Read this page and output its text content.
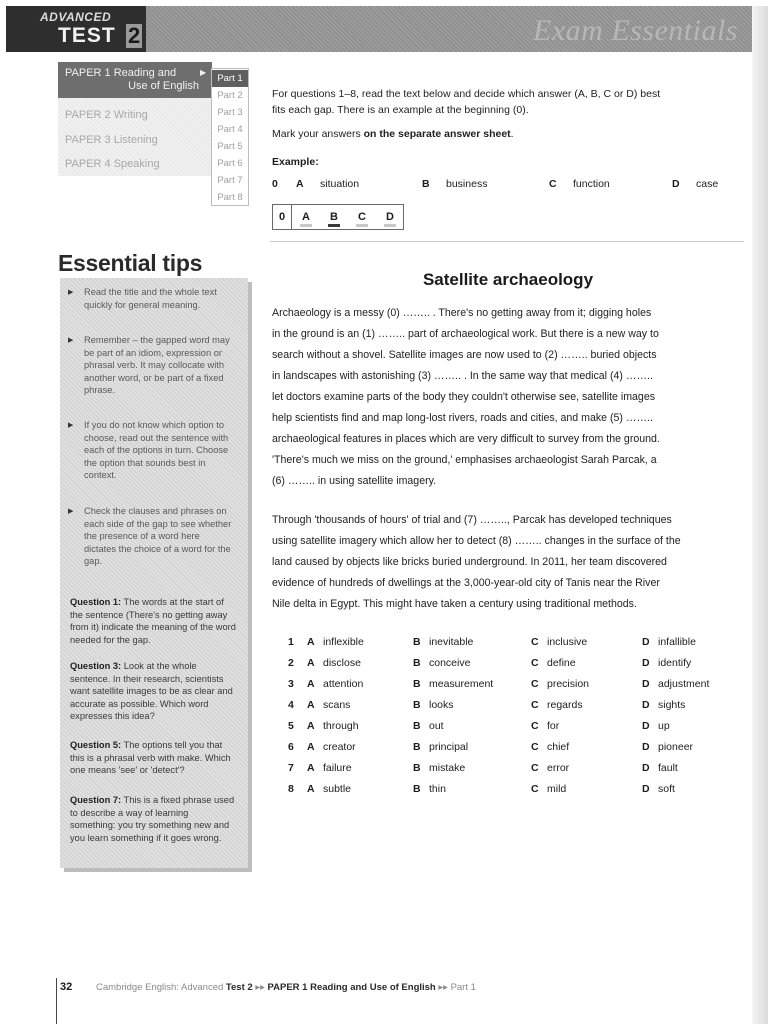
ADVANCED
TEST 2	Exam Essentials
PAPER 1 Reading and
Use of English
PAPER 2 Writing
PAPER 3 Listening
PAPER 4 Speaking
▶
Part 1
Part 2
Part 3
Part 4
Part 5
Part 6
Part 7
Part 8
For questions 1–8, read the text below and decide which answer (A, B, C or D) best
fits each gap. There is an example at the beginning (0).
Mark your answers on the separate answer sheet.
Example:
0 A situation	B business	C function	D case
0	A B C D
Essential tips
▶ Read the title and the whole text quickly for general meaning.
▶ Remember – the gapped word may be part of an idiom, expression or phrasal verb. It may collocate with another word, or be part of a fixed phrase.
▶ If you do not know which option to choose, read out the sentence with each of the options in turn. Choose the option that sounds best in context.
▶ Check the clauses and phrases on each side of the gap to see whether the presence of a word here dictates the choice of a word for the gap.
Question 1: The words at the start of the sentence (There's no getting away from it) indicate the meaning of the word needed for the gap.
Question 3: Look at the whole sentence. In their research, scientists want satellite images to be as clear and accurate as possible. Which word expresses this idea?
Question 5: The options tell you that this is a phrasal verb with make. Which one means 'see' or 'detect'?
Question 7: This is a fixed phrase used to describe a way of learning something: you try something new and you learn something if it goes wrong.
Satellite archaeology
Archaeology is a messy (0) …….. . There's no getting away from it; digging holes
in the ground is an (1) …….. part of archaeological work. But there is a new way to
search without a shovel. Satellite images are now used to (2) …….. buried objects
in landscapes with astonishing (3) …….. . In the same way that medical (4) ……..
let doctors examine parts of the body they couldn't otherwise see, satellite images
help scientists find and map long-lost rivers, roads and cities, and make (5) ……..
archaeological features in places which are very difficult to survey from the ground.
'There's much we miss on the ground,' emphasises archaeologist Sarah Parcak, a
(6) …….. in using satellite imagery.
Through 'thousands of hours' of trial and (7) …….., Parcak has developed techniques
using satellite imagery which allow her to detect (8) …….. changes in the surface of the
land caused by objects like bricks buried underground. In 2011, her team discovered
evidence of hundreds of dwellings at the 3,000-year-old city of Tanis near the River
Nile delta in Egypt. This might have taken a century using traditional methods.
1 A inflexible	B inevitable	C inclusive	D infallible
2 A disclose	B conceive	C define	D identify
3 A attention	B measurement	C precision	D adjustment
4 A scans	B looks	C regards	D sights
5 A through	B out	C for	D up
6 A creator	B principal	C chief	D pioneer
7 A failure	B mistake	C error	D fault
8 A subtle	B thin	C mild	D soft
32	Cambridge English: Advanced Test 2 ▸▸ PAPER 1 Reading and Use of English ▸▸ Part 1
